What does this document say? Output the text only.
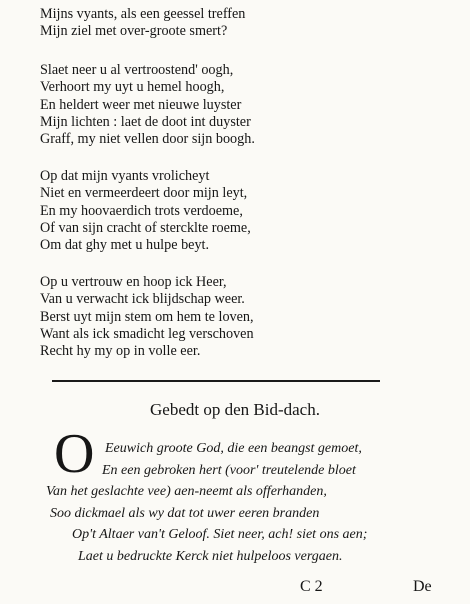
Mijns vyants, als een geessel treffen
Mijn ziel met over-groote smert?
Slaet neer u al vertroostend' oogh,
Verhoort my uyt u hemel hoogh,
En heldert weer met nieuwe luyster
Mijn lichten : laet de doot int duyster
Graff, my niet vellen door sijn boogh.
Op dat mijn vyants vrolicheyt
Niet en vermeerdeert door mijn leyt,
En my hoovaerdich trots verdoeme,
Of van sijn cracht of stercklte roeme,
Om dat ghy met u hulpe beyt.
Op u vertrouw en hoop ick Heer,
Van u verwacht ick blijdschap weer.
Berst uyt mijn stem om hem te loven,
Want als ick smadicht leg verschoven
Recht hy my op in volle eer.
Gebedt op den Bid-dach.
O Eeuwich groote God, die een beangst gemoet,
En een gebroken hert (voor' treutelende bloet
Van het geslachte vee) aen-neemt als offerhanden,
Soo dickmael als wy dat tot uwer eeren branden
Op't Altaer van't Geloof. Siet neer, ach! siet ons aen;
Laet u bedruckte Kerck niet hulpeloos vergaen.
C 2	De
